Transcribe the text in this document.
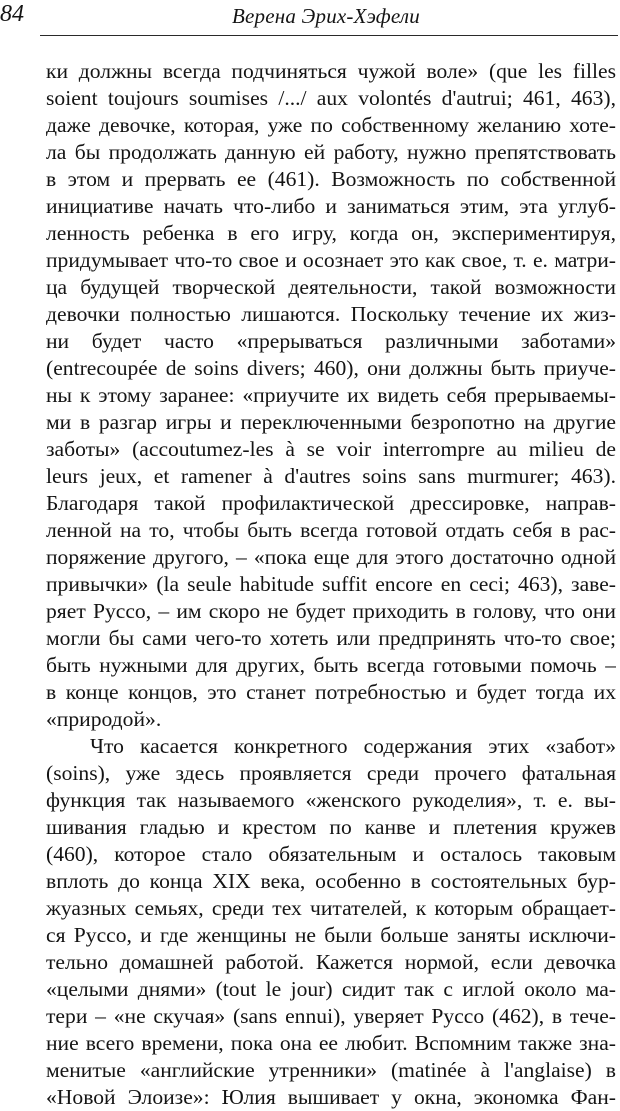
84	Верена Эрих-Хэфели
ки должны всегда подчиняться чужой воле» (que les filles
soient toujours soumises /.../ aux volontés d'autrui; 461, 463),
даже девочке, которая, уже по собственному желанию хоте-
ла бы продолжать данную ей работу, нужно препятствовать
в этом и прервать ее (461). Возможность по собственной
инициативе начать что-либо и заниматься этим, эта углуб-
ленность ребенка в его игру, когда он, экспериментируя,
придумывает что-то свое и осознает это как свое, т. е. матри-
ца будущей творческой деятельности, такой возможности
девочки полностью лишаются. Поскольку течение их жиз-
ни будет часто «прерываться различными заботами»
(entrecoupée de soins divers; 460), они должны быть приуче-
ны к этому заранее: «приучите их видеть себя прерываемы-
ми в разгар игры и переключенными безропотно на другие
заботы» (accoutumez-les à se voir interrompre au milieu de
leurs jeux, et ramener à d'autres soins sans murmurer; 463).
Благодаря такой профилактической дрессировке, направ-
ленной на то, чтобы быть всегда готовой отдать себя в рас-
поряжение другого, – «пока еще для этого достаточно одной
привычки» (la seule habitude suffit encore en ceci; 463), заве-
ряет Руссо, – им скоро не будет приходить в голову, что они
могли бы сами чего-то хотеть или предпринять что-то свое;
быть нужными для других, быть всегда готовыми помочь –
в конце концов, это станет потребностью и будет тогда их
«природой».
Что касается конкретного содержания этих «забот»
(soins), уже здесь проявляется среди прочего фатальная
функция так называемого «женского рукоделия», т. е. вы-
шивания гладью и крестом по канве и плетения кружев
(460), которое стало обязательным и осталось таковым
вплоть до конца XIX века, особенно в состоятельных бур-
жуазных семьях, среди тех читателей, к которым обращает-
ся Руссо, и где женщины не были больше заняты исключи-
тельно домашней работой. Кажется нормой, если девочка
«целыми днями» (tout le jour) сидит так с иглой около ма-
тери – «не скучая» (sans ennui), уверяет Руссо (462), в тече-
ние всего времени, пока она ее любит. Вспомним также зна-
менитые «английские утренники» (matinée à l'anglaise) в
«Новой Элоизе»: Юлия вышивает у окна, экономка Фан-
